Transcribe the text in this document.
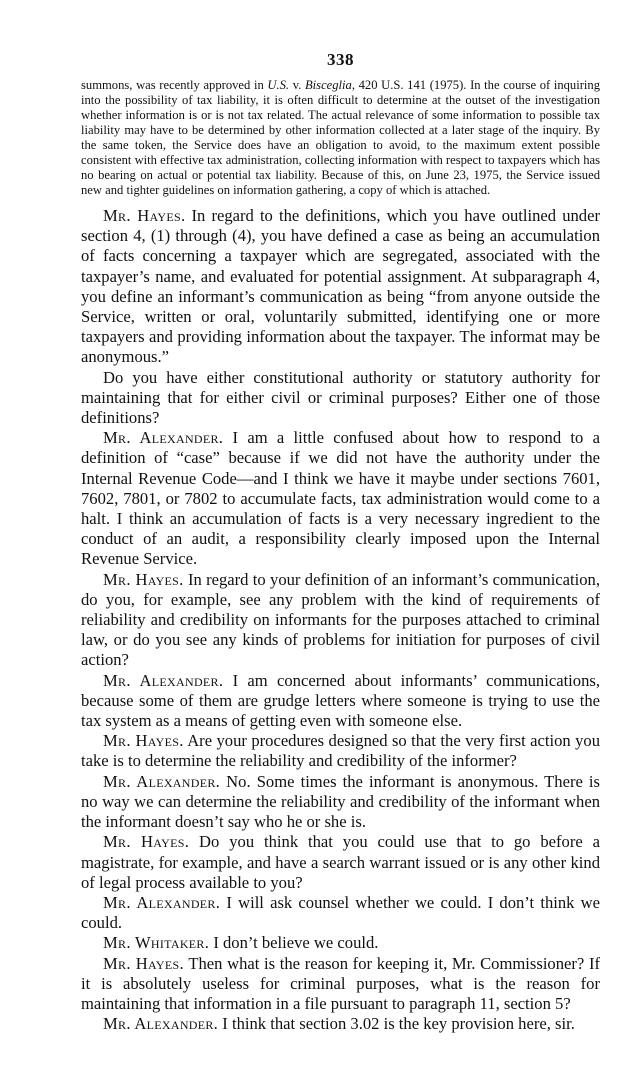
338

summons, was recently approved in U.S. v. Bisceglia, 420 U.S. 141 (1975). In the course of inquiring into the possibility of tax liability, it is often difficult to determine at the outset of the investigation whether information is or is not tax related. The actual relevance of some information to possible tax liability may have to be determined by other information collected at a later stage of the inquiry. By the same token, the Service does have an obligation to avoid, to the maximum extent possible consistent with effective tax administration, collecting information with respect to taxpayers which has no bearing on actual or potential tax liability. Because of this, on June 23, 1975, the Service issued new and tighter guidelines on information gathering, a copy of which is attached.

Mr. Hayes. In regard to the definitions, which you have outlined under section 4, (1) through (4), you have defined a case as being an accumulation of facts concerning a taxpayer which are segregated, associated with the taxpayer’s name, and evaluated for potential assignment. At subparagraph 4, you define an informant’s communication as being “from anyone outside the Service, written or oral, voluntarily submitted, identifying one or more taxpayers and providing information about the taxpayer. The informat may be anonymous.”

Do you have either constitutional authority or statutory authority for maintaining that for either civil or criminal purposes? Either one of those definitions?

Mr. Alexander. I am a little confused about how to respond to a definition of “case” because if we did not have the authority under the Internal Revenue Code—and I think we have it maybe under sections 7601, 7602, 7801, or 7802 to accumulate facts, tax administration would come to a halt. I think an accumulation of facts is a very necessary ingredient to the conduct of an audit, a responsibility clearly imposed upon the Internal Revenue Service.

Mr. Hayes. In regard to your definition of an informant’s communication, do you, for example, see any problem with the kind of requirements of reliability and credibility on informants for the purposes attached to criminal law, or do you see any kinds of problems for initiation for purposes of civil action?

Mr. Alexander. I am concerned about informants’ communications, because some of them are grudge letters where someone is trying to use the tax system as a means of getting even with someone else.

Mr. Hayes. Are your procedures designed so that the very first action you take is to determine the reliability and credibility of the informer?

Mr. Alexander. No. Some times the informant is anonymous. There is no way we can determine the reliability and credibility of the informant when the informant doesn’t say who he or she is.

Mr. Hayes. Do you think that you could use that to go before a magistrate, for example, and have a search warrant issued or is any other kind of legal process available to you?

Mr. Alexander. I will ask counsel whether we could. I don’t think we could.

Mr. Whitaker. I don’t believe we could.

Mr. Hayes. Then what is the reason for keeping it, Mr. Commissioner? If it is absolutely useless for criminal purposes, what is the reason for maintaining that information in a file pursuant to paragraph 11, section 5?

Mr. Alexander. I think that section 3.02 is the key provision here, sir.
